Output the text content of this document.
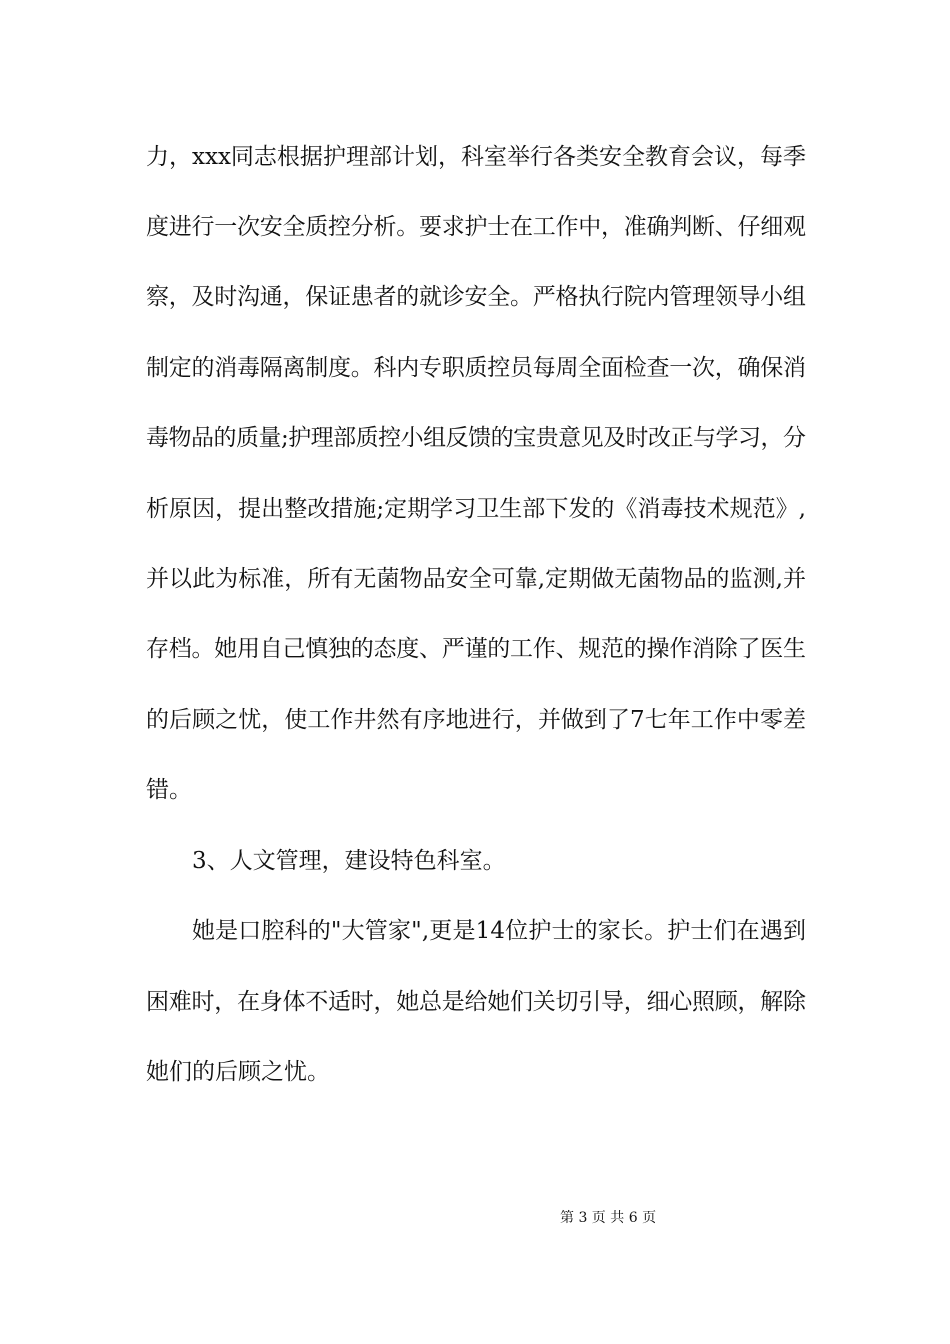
力，xxx同志根据护理部计划，科室举行各类安全教育会议，每季
度进行一次安全质控分析。要求护士在工作中，准确判断、仔细观
察，及时沟通，保证患者的就诊安全。严格执行院内管理领导小组
制定的消毒隔离制度。科内专职质控员每周全面检查一次，确保消
毒物品的质量;护理部质控小组反馈的宝贵意见及时改正与学习，分
析原因，提出整改措施;定期学习卫生部下发的《消毒技术规范》,
并以此为标准，所有无菌物品安全可靠,定期做无菌物品的监测,并
存档。她用自己慎独的态度、严谨的工作、规范的操作消除了医生
的后顾之忧，使工作井然有序地进行，并做到了7七年工作中零差
错。
3、人文管理，建设特色科室。
她是口腔科的"大管家",更是14位护士的家长。护士们在遇到
困难时，在身体不适时，她总是给她们关切引导，细心照顾，解除
她们的后顾之忧。
第 3 页 共 6 页
